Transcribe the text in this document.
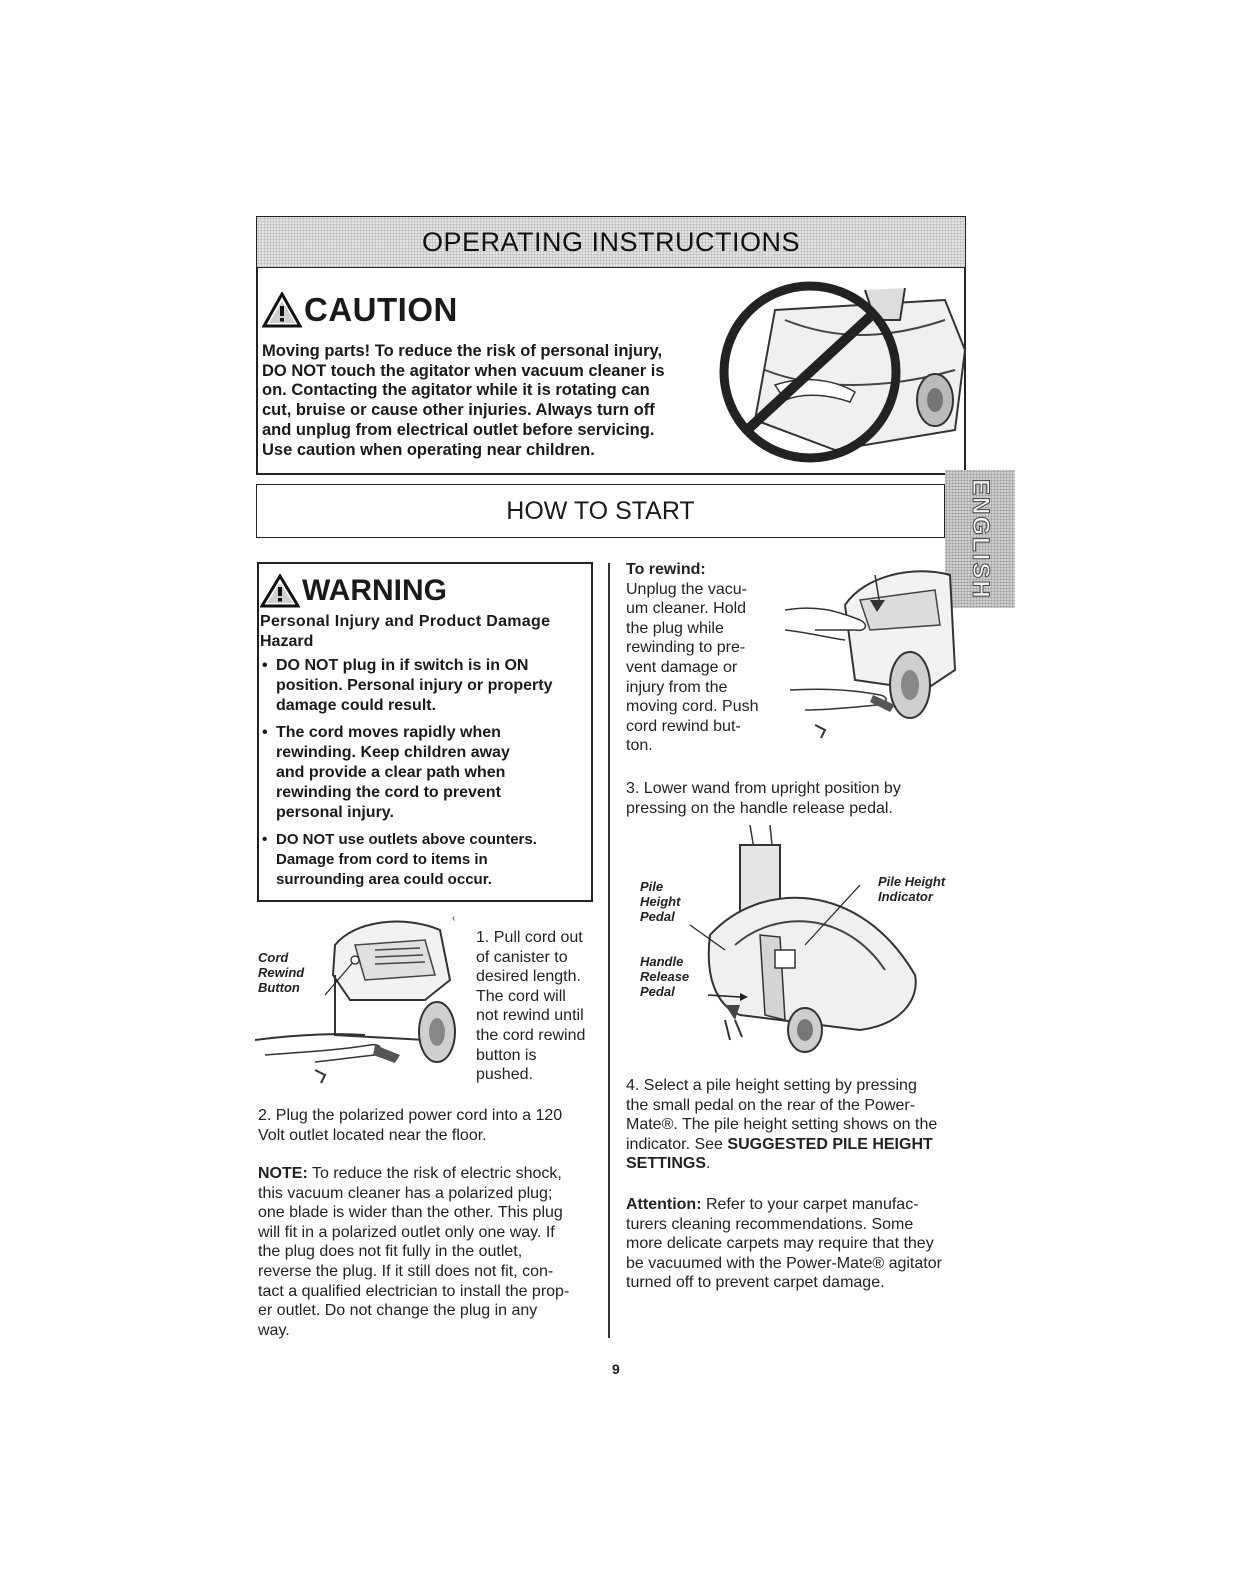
OPERATING INSTRUCTIONS
CAUTION
Moving parts! To reduce the risk of personal injury,
DO NOT touch the agitator when vacuum cleaner is
on. Contacting the agitator while it is rotating can
cut, bruise or cause other injuries. Always turn off
and unplug from electrical outlet before servicing.
Use caution when operating near children.
HOW TO START	ENGLISH
WARNING
Personal Injury and Product Damage
Hazard
• DO NOT plug in if switch is in ON
position. Personal injury or property
damage could result.
• The cord moves rapidly when
rewinding. Keep children away
and provide a clear path when
rewinding the cord to prevent
personal injury.
• DO NOT use outlets above counters.
Damage from cord to items in
surrounding area could occur.
‹
Cord
Rewind
Button
1. Pull cord out
of canister to
desired length.
The cord will
not rewind until
the cord rewind
button is
pushed.
2. Plug the polarized power cord into a 120
Volt outlet located near the floor.
NOTE: To reduce the risk of electric shock,
this vacuum cleaner has a polarized plug;
one blade is wider than the other. This plug
will fit in a polarized outlet only one way. If
the plug does not fit fully in the outlet,
reverse the plug. If it still does not fit, con-
tact a qualified electrician to install the prop-
er outlet. Do not change the plug in any
way.
To rewind:
Unplug the vacu-
um cleaner. Hold
the plug while
rewinding to pre-
vent damage or
injury from the
moving cord. Push
cord rewind but-
ton.
3. Lower wand from upright position by
pressing on the handle release pedal.
Pile
Height
Pedal
Handle
Release
Pedal
Pile Height
Indicator
4. Select a pile height setting by pressing
the small pedal on the rear of the Power-
Mate®. The pile height setting shows on the
indicator. See SUGGESTED PILE HEIGHT
SETTINGS.
Attention: Refer to your carpet manufac-
turers cleaning recommendations. Some
more delicate carpets may require that they
be vacuumed with the Power-Mate® agitator
turned off to prevent carpet damage.
9
